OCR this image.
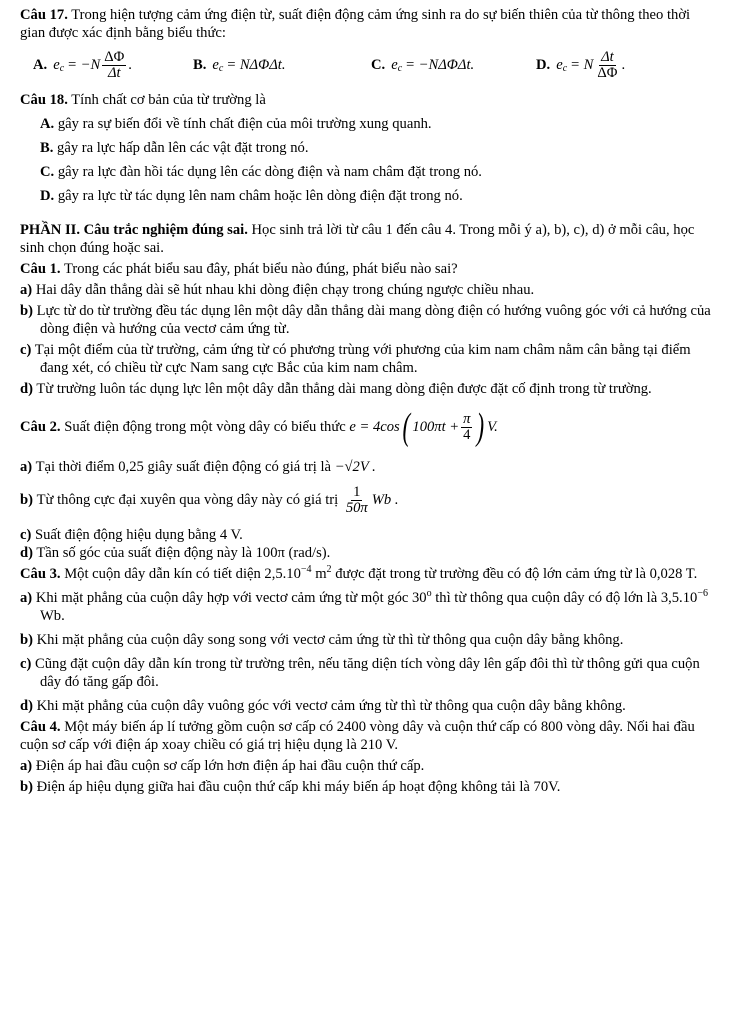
Câu 17. Trong hiện tượng cảm ứng điện từ, suất điện động cảm ứng sinh ra do sự biến thiên của từ thông theo thời gian được xác định bằng biểu thức:

A. e $c = -N \frac{\Delta\Phi}{\Delta t}$ .	B. e c = NΔΦΔt.	C. e c = −NΔΦΔt.	D. e c = N $\frac{\Delta t}{\Delta\Phi}$ .

Câu 18. Tính chất cơ bản của từ trường là

A. gây ra sự biến đổi về tính chất điện của môi trường xung quanh.

B. gây ra lực hấp dẫn lên các vật đặt trong nó.

C. gây ra lực đàn hồi tác dụng lên các dòng điện và nam châm đặt trong nó.

D. gây ra lực từ tác dụng lên nam châm hoặc lên dòng điện đặt trong nó.

PHẦN II. Câu trắc nghiệm đúng sai. Học sinh trả lời từ câu 1 đến câu 4. Trong mỗi ý a), b), c), d) ở mỗi câu, học sinh chọn đúng hoặc sai.

Câu 1. Trong các phát biểu sau đây, phát biểu nào đúng, phát biểu nào sai?

a) Hai dây dẫn thẳng dài sẽ hút nhau khi dòng điện chạy trong chúng ngược chiều nhau.

b) Lực từ do từ trường đều tác dụng lên một dây dẫn thẳng dài mang dòng điện có hướng vuông góc với cả hướng của dòng điện và hướng của vectơ cảm ứng từ.

c) Tại một điểm của từ trường, cảm ứng từ có phương trùng với phương của kim nam châm nằm cân bằng tại điểm đang xét, có chiều từ cực Nam sang cực Bắc của kim nam châm.

d) Từ trường luôn tác dụng lực lên một dây dẫn thẳng dài mang dòng điện được đặt cố định trong từ trường.

Câu 2.
Suất điện động trong một vòng dây có biểu thức
e = 4cos ( $100\pi t + \frac{\pi}{4}$ ) V.

a) Tại thời điểm 0,25 giây suất điện động có giá trị là −√2V .

b)
Từ thông cực đại xuyên qua vòng dây này có giá trị
$\frac{1}{50\pi}$ Wb .

c) Suất điện động hiệu dụng bằng 4 V.

d) Tần số góc của suất điện động này là 100π (rad/s).

Câu 3. Một cuộn dây dẫn kín có tiết diện $2,5.10^{-4}$ $m^2$ được đặt trong từ trường đều có độ lớn cảm ứng từ là 0,028 T.

a) Khi mặt phẳng của cuộn dây hợp với vectơ cảm ứng từ một góc 30$^o$ thì từ thông qua cuộn dây có độ lớn là $3,5.10^{-6}$ Wb.

b) Khi mặt phẳng của cuộn dây song song với vectơ cảm ứng từ thì từ thông qua cuộn dây bằng không.

c) Cũng đặt cuộn dây dẫn kín trong từ trường trên, nếu tăng diện tích vòng dây lên gấp đôi thì từ thông gửi qua cuộn dây đó tăng gấp đôi.

d) Khi mặt phẳng của cuộn dây vuông góc với vectơ cảm ứng từ thì từ thông qua cuộn dây bằng không.

Câu 4. Một máy biến áp lí tưởng gồm cuộn sơ cấp có 2400 vòng dây và cuộn thứ cấp có 800 vòng dây. Nối hai đầu cuộn sơ cấp với điện áp xoay chiều có giá trị hiệu dụng là 210 V.

a) Điện áp hai đầu cuộn sơ cấp lớn hơn điện áp hai đầu cuộn thứ cấp.

b) Điện áp hiệu dụng giữa hai đầu cuộn thứ cấp khi máy biến áp hoạt động không tải là 70V.
